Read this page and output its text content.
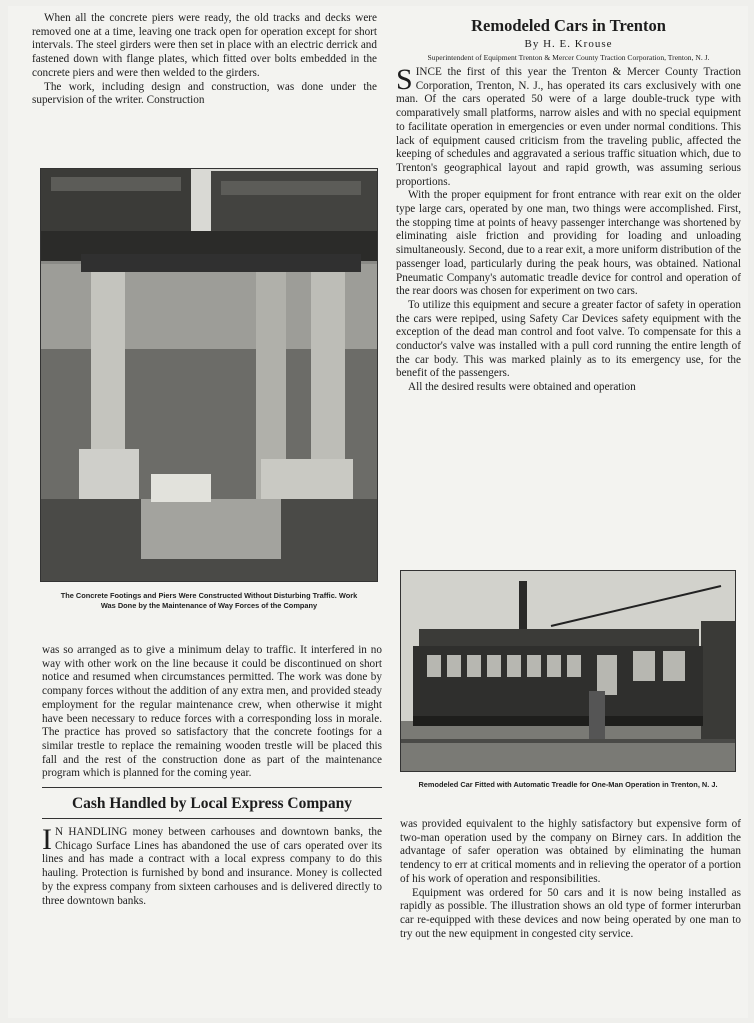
When all the concrete piers were ready, the old tracks and decks were removed one at a time, leaving one track open for operation except for short intervals. The steel girders were then set in place with an electric derrick and fastened down with flange plates, which fitted over bolts embedded in the concrete piers and were then welded to the girders.

The work, including design and construction, was done under the supervision of the writer. Construction

The Concrete Footings and Piers Were Constructed Without Disturbing Traffic. Work Was Done by the Maintenance of Way Forces of the Company

was so arranged as to give a minimum delay to traffic. It interfered in no way with other work on the line because it could be discontinued on short notice and resumed when circumstances permitted. The work was done by company forces without the addition of any extra men, and provided steady employment for the regular maintenance crew, when otherwise it might have been necessary to reduce forces with a corresponding loss in morale. The practice has proved so satisfactory that the concrete footings for a similar trestle to replace the remaining wooden trestle will be placed this fall and the rest of the construction done as part of the maintenance program which is planned for the coming year.

Cash Handled by Local Express Company

I N HANDLING money between carhouses and downtown banks, the Chicago Surface Lines has abandoned the use of cars operated over its lines and has made a contract with a local express company to do this hauling. Protection is furnished by bond and insurance. Money is collected by the express company from sixteen carhouses and is delivered directly to three downtown banks.

Remodeled Cars in Trenton
By H. E. Krouse
Superintendent of Equipment Trenton & Mercer County Traction Corporation, Trenton, N. J.

SINCE the first of this year the Trenton & Mercer County Traction Corporation, Trenton, N. J., has operated its cars exclusively with one man. Of the cars operated 50 were of a large double-truck type with comparatively small platforms, narrow aisles and with no special equipment to facilitate operation in emergencies or even under normal conditions. This lack of equipment caused criticism from the traveling public, affected the keeping of schedules and aggravated a serious traffic situation which, due to Trenton's geographical layout and rapid growth, was assuming serious proportions.

With the proper equipment for front entrance with rear exit on the older type large cars, operated by one man, two things were accomplished. First, the stopping time at points of heavy passenger interchange was shortened by eliminating aisle friction and providing for loading and unloading simultaneously. Second, due to a rear exit, a more uniform distribution of the passenger load, particularly during the peak hours, was obtained. National Pneumatic Company's automatic treadle device for control and operation of the rear doors was chosen for experiment on two cars.

To utilize this equipment and secure a greater factor of safety in operation the cars were repiped, using Safety Car Devices safety equipment with the exception of the dead man control and foot valve. To compensate for this a conductor's valve was installed with a pull cord running the entire length of the car body. This was marked plainly as to its emergency use, for the benefit of the passengers.

All the desired results were obtained and operation

Remodeled Car Fitted with Automatic Treadle for One-Man Operation in Trenton, N. J.

was provided equivalent to the highly satisfactory but expensive form of two-man operation used by the company on Birney cars. In addition the advantage of safer operation was obtained by eliminating the human tendency to err at critical moments and in relieving the operator of a portion of his work of operation and responsibilities.

Equipment was ordered for 50 cars and it is now being installed as rapidly as possible. The illustration shows an old type of former interurban car re-equipped with these devices and now being operated by one man to try out the new equipment in congested city service.
